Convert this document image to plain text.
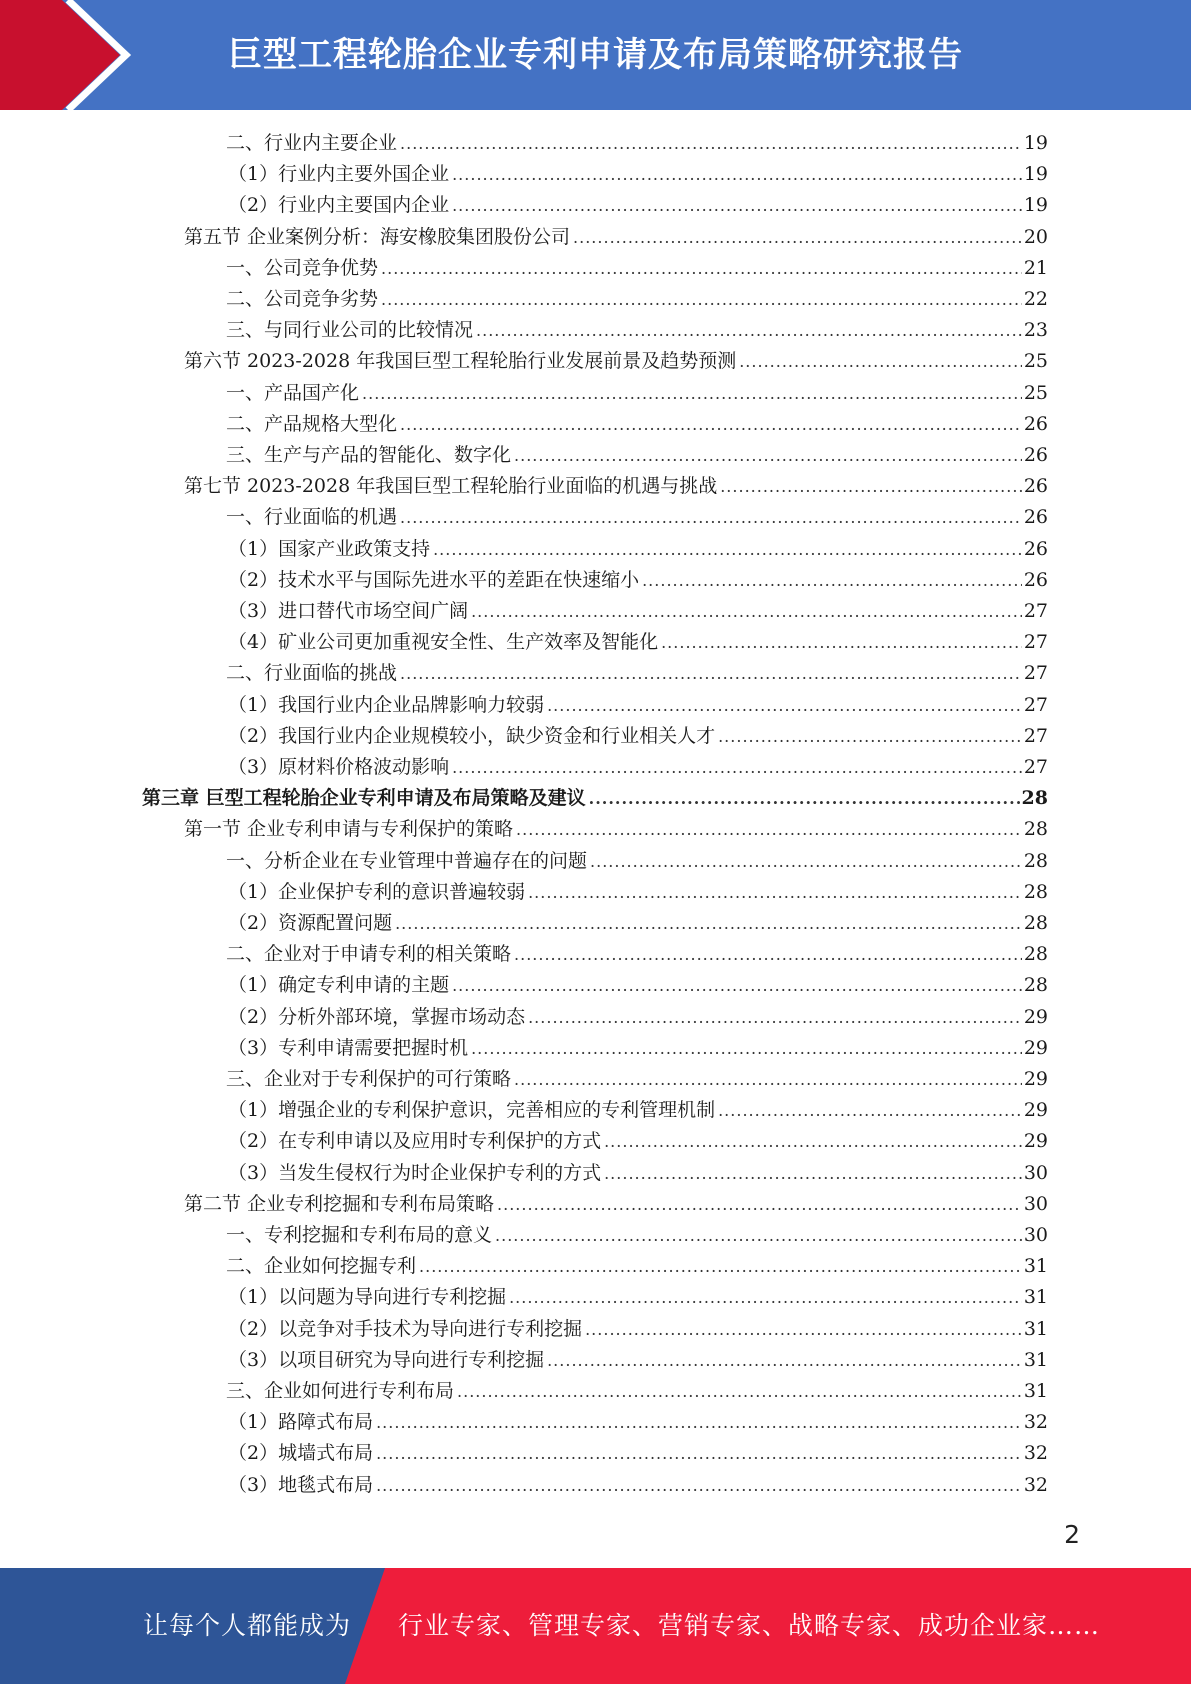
巨型工程轮胎企业专利申请及布局策略研究报告
二、行业内主要企业 .....	19
（1）行业内主要外国企业 .....	19
（2）行业内主要国内企业 .....	19
第五节 企业案例分析：海安橡胶集团股份公司 .....	20
一、公司竞争优势 .....	21
二、公司竞争劣势 .....	22
三、与同行业公司的比较情况 .....	23
第六节 2023-2028 年我国巨型工程轮胎行业发展前景及趋势预测 .....	25
一、产品国产化 .....	25
二、产品规格大型化 .....	26
三、生产与产品的智能化、数字化 .....	26
第七节 2023-2028 年我国巨型工程轮胎行业面临的机遇与挑战 .....	26
一、行业面临的机遇 .....	26
（1）国家产业政策支持 .....	26
（2）技术水平与国际先进水平的差距在快速缩小 .....	26
（3）进口替代市场空间广阔 .....	27
（4）矿业公司更加重视安全性、生产效率及智能化 .....	27
二、行业面临的挑战 .....	27
（1）我国行业内企业品牌影响力较弱 .....	27
（2）我国行业内企业规模较小，缺少资金和行业相关人才 .....	27
（3）原材料价格波动影响 .....	27
第三章 巨型工程轮胎企业专利申请及布局策略及建议 .....	28
第一节 企业专利申请与专利保护的策略 .....	28
一、分析企业在专业管理中普遍存在的问题 .....	28
（1）企业保护专利的意识普遍较弱 .....	28
（2）资源配置问题 .....	28
二、企业对于申请专利的相关策略 .....	28
（1）确定专利申请的主题 .....	28
（2）分析外部环境，掌握市场动态 .....	29
（3）专利申请需要把握时机 .....	29
三、企业对于专利保护的可行策略 .....	29
（1）增强企业的专利保护意识，完善相应的专利管理机制 .....	29
（2）在专利申请以及应用时专利保护的方式 .....	29
（3）当发生侵权行为时企业保护专利的方式 .....	30
第二节 企业专利挖掘和专利布局策略 .....	30
一、专利挖掘和专利布局的意义 .....	30
二、企业如何挖掘专利 .....	31
（1）以问题为导向进行专利挖掘 .....	31
（2）以竞争对手技术为导向进行专利挖掘 .....	31
（3）以项目研究为导向进行专利挖掘 .....	31
三、企业如何进行专利布局 .....	31
（1）路障式布局 .....	32
（2）城墙式布局 .....	32
（3）地毯式布局 .....	32
2
让每个人都能成为 行业专家、管理专家、营销专家、战略专家、成功企业家……
